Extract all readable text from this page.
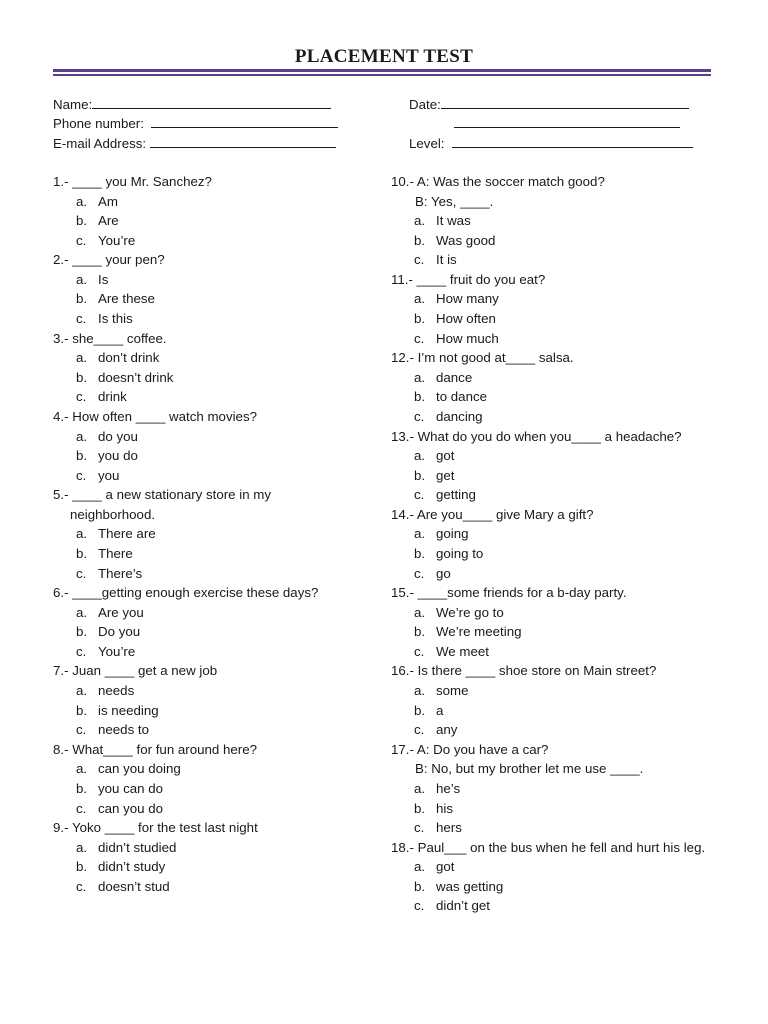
PLACEMENT TEST
Name:
Phone number:
E-mail Address:
Date:
Level:
1.- ____ you Mr. Sanchez?
a. Am
b. Are
c. You’re
2.- ____ your pen?
a. Is
b. Are these
c. Is this
3.- she____ coffee.
a. don’t drink
b. doesn’t drink
c. drink
4.- How often ____ watch movies?
a. do you
b. you do
c. you
5.- ____ a new stationary store in my
neighborhood.
a. There are
b. There
c. There’s
6.- ____getting enough exercise these days?
a. Are you
b. Do you
c. You’re
7.- Juan ____ get a new job
a. needs
b. is needing
c. needs to
8.- What____ for fun around here?
a. can you doing
b. you can do
c. can you do
9.- Yoko ____ for the test last night
a. didn’t studied
b. didn’t study
c. doesn’t stud
10.- A: Was the soccer match good?
B: Yes, ____.
a. It was
b. Was good
c. It is
11.- ____ fruit do you eat?
a. How many
b. How often
c. How much
12.- I’m not good at____ salsa.
a. dance
b. to dance
c. dancing
13.- What do you do when you____ a headache?
a. got
b. get
c. getting
14.- Are you____ give Mary a gift?
a. going
b. going to
c. go
15.- ____some friends for a b-day party.
a. We’re go to
b. We’re meeting
c. We meet
16.- Is there ____ shoe store on Main street?
a. some
b. a
c. any
17.- A: Do you have a car?
B: No, but my brother let me use ____.
a. he’s
b. his
c. hers
18.- Paul___ on the bus when he fell and hurt his leg.
a. got
b. was getting
c. didn’t get
